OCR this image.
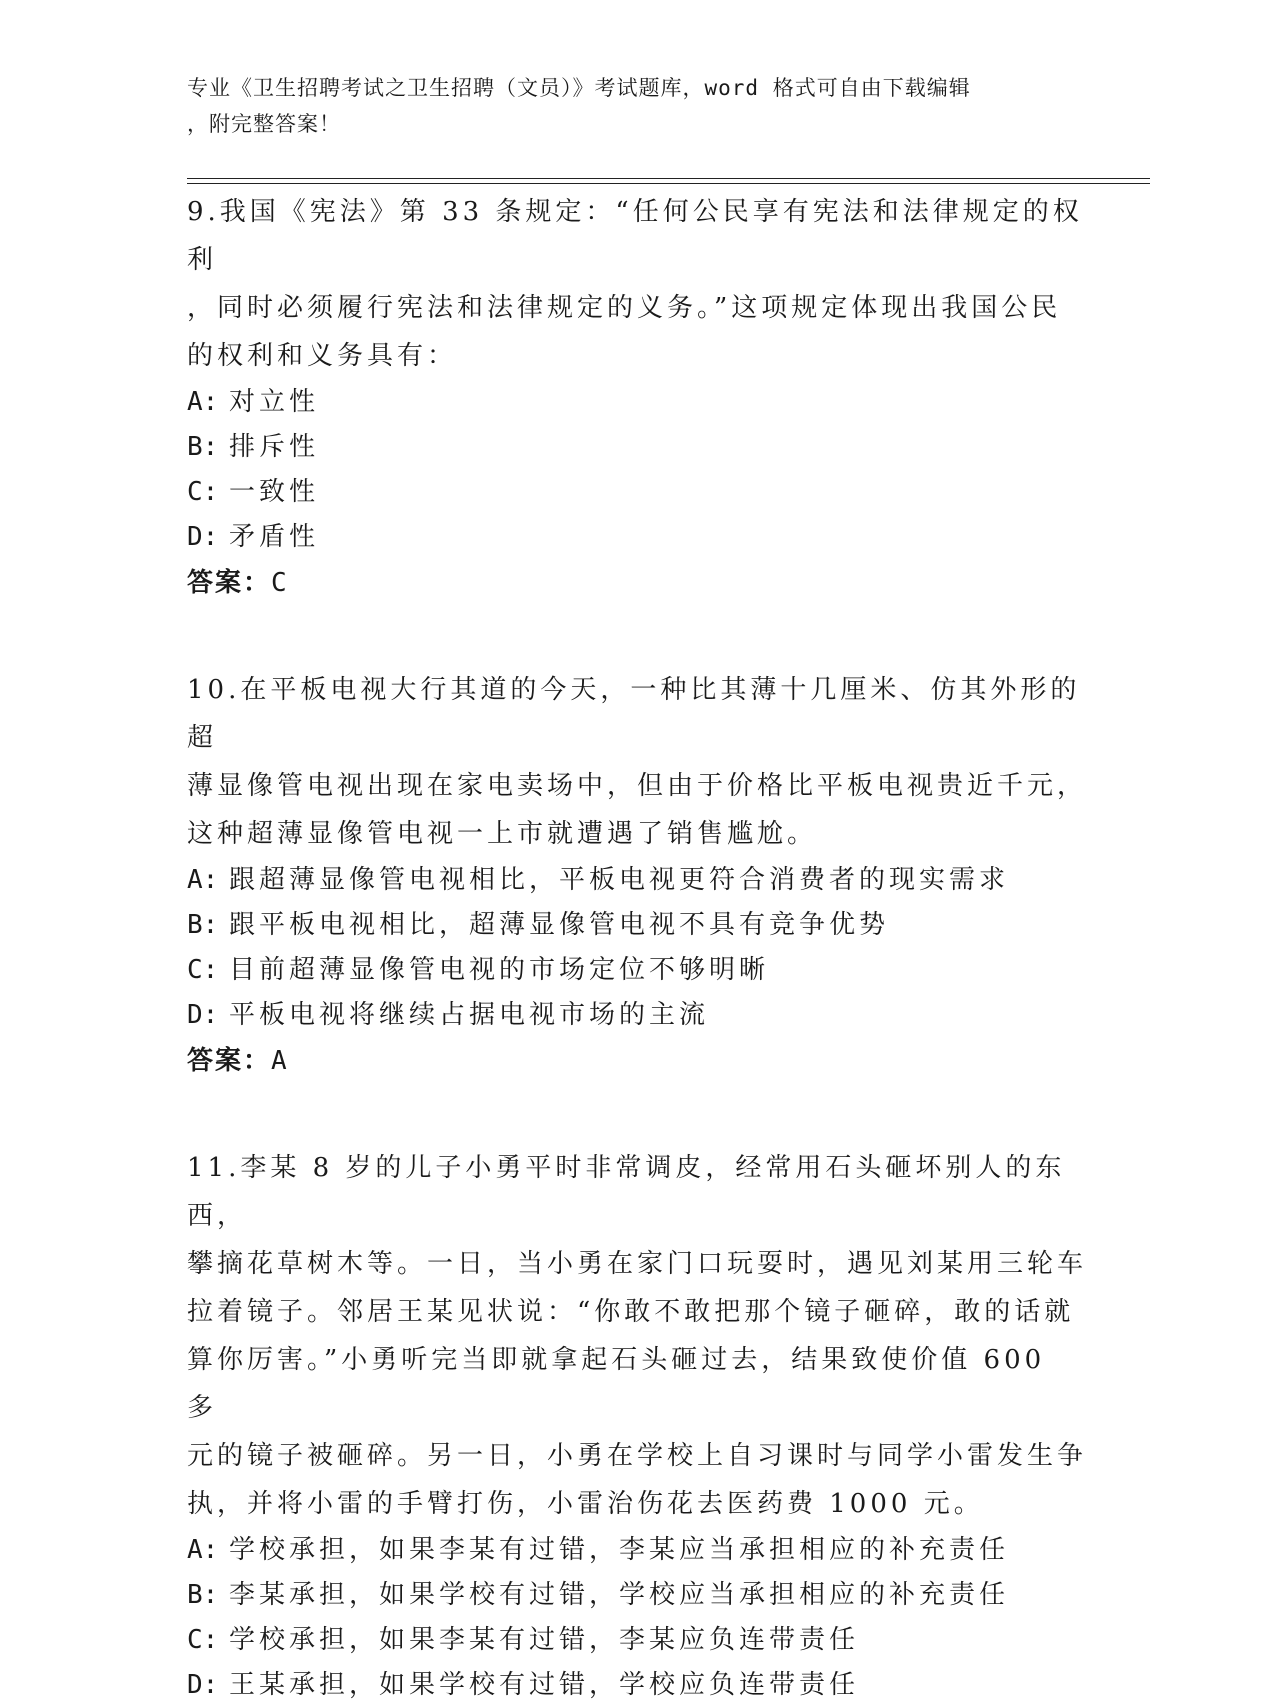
专业《卫生招聘考试之卫生招聘（文员）》考试题库，word 格式可自由下载编辑
，附完整答案！

9.我国《宪法》第 33 条规定：“任何公民享有宪法和法律规定的权利
，同时必须履行宪法和法律规定的义务。”这项规定体现出我国公民
的权利和义务具有：

A: 对立性

B: 排斥性

C: 一致性

D: 矛盾性

答案：C

10.在平板电视大行其道的今天，一种比其薄十几厘米、仿其外形的超
薄显像管电视出现在家电卖场中，但由于价格比平板电视贵近千元，
这种超薄显像管电视一上市就遭遇了销售尴尬。

A: 跟超薄显像管电视相比，平板电视更符合消费者的现实需求

B: 跟平板电视相比，超薄显像管电视不具有竞争优势

C: 目前超薄显像管电视的市场定位不够明晰

D: 平板电视将继续占据电视市场的主流

答案：A

11.李某 8 岁的儿子小勇平时非常调皮，经常用石头砸坏别人的东西，
攀摘花草树木等。一日，当小勇在家门口玩耍时，遇见刘某用三轮车
拉着镜子。邻居王某见状说：“你敢不敢把那个镜子砸碎，敢的话就
算你厉害。”小勇听完当即就拿起石头砸过去，结果致使价值 600 多
元的镜子被砸碎。另一日，小勇在学校上自习课时与同学小雷发生争
执，并将小雷的手臂打伤，小雷治伤花去医药费 1000 元。

A: 学校承担，如果李某有过错，李某应当承担相应的补充责任

B: 李某承担，如果学校有过错，学校应当承担相应的补充责任

C: 学校承担，如果李某有过错，李某应负连带责任

D: 王某承担，如果学校有过错，学校应负连带责任
